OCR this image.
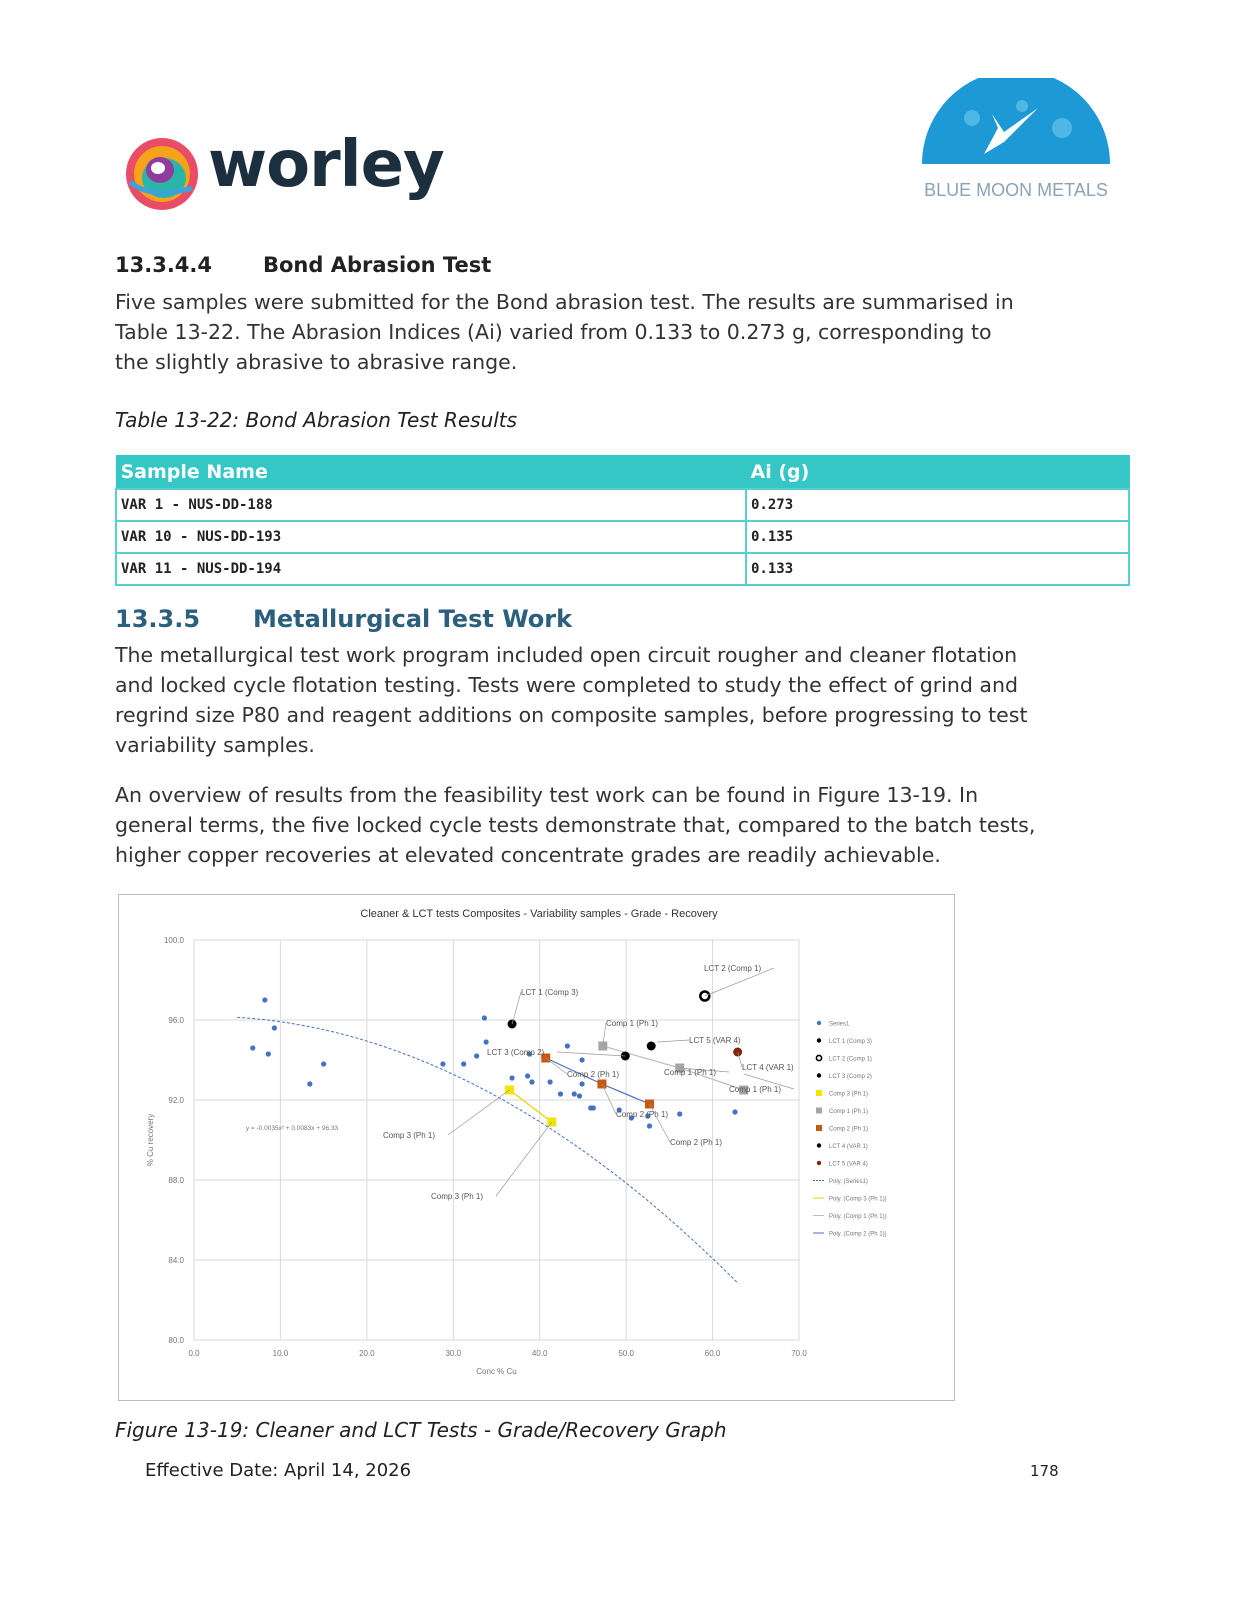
worley	BLUE MOON METALS
13.3.4.4 Bond Abrasion Test
Five samples were submitted for the Bond abrasion test. The results are summarised in
Table 13-22. The Abrasion Indices (Ai) varied from 0.133 to 0.273 g, corresponding to
the slightly abrasive to abrasive range.
Table 13-22: Bond Abrasion Test Results
Sample Name	Ai (g)
VAR 1 - NUS-DD-188	0.273
VAR 10 - NUS-DD-193	0.135
VAR 11 - NUS-DD-194	0.133
13.3.5 Metallurgical Test Work
The metallurgical test work program included open circuit rougher and cleaner flotation
and locked cycle flotation testing. Tests were completed to study the effect of grind and
regrind size P80 and reagent additions on composite samples, before progressing to test
variability samples.
An overview of results from the feasibility test work can be found in Figure 13-19. In
general terms, the five locked cycle tests demonstrate that, compared to the batch tests,
higher copper recoveries at elevated concentrate grades are readily achievable.
Cleaner & LCT tests Composites - Variability samples - Grade - Recovery
0.0	10.0	20.0	30.0	40.0	50.0	60.0	70.0
80.0
84.0
88.0
92.0
96.0
100.0
Conc % Cu
% Cu recovery	y = -0.0035x² + 0.0083x + 96.33
LCT 1 (Comp 3)
LCT 2 (Comp 1)
LCT 3 (Comp 2)
Comp 1 (Ph 1)
LCT 5 (VAR 4)
Comp 2 (Ph 1)	Comp 1 (Ph 1)
LCT 4 (VAR 1)
Comp 1 (Ph 1)
Comp 2 (Ph 1)
Comp 3 (Ph 1)
Comp 2 (Ph 1)
Comp 3 (Ph 1)
Series1
LCT 1 (Comp 3)
LCT 2 (Comp 1)
LCT 3 (Comp 2)
Comp 3 (Ph 1)
Comp 1 (Ph 1)
Comp 2 (Ph 1)
LCT 4 (VAR 1)
LCT 5 (VAR 4)
Poly. (Series1)
Poly. (Comp 3 (Ph 1))
Poly. (Comp 1 (Ph 1))
Poly. (Comp 2 (Ph 1))
Figure 13-19: Cleaner and LCT Tests - Grade/Recovery Graph
Effective Date: April 14, 2026	178
